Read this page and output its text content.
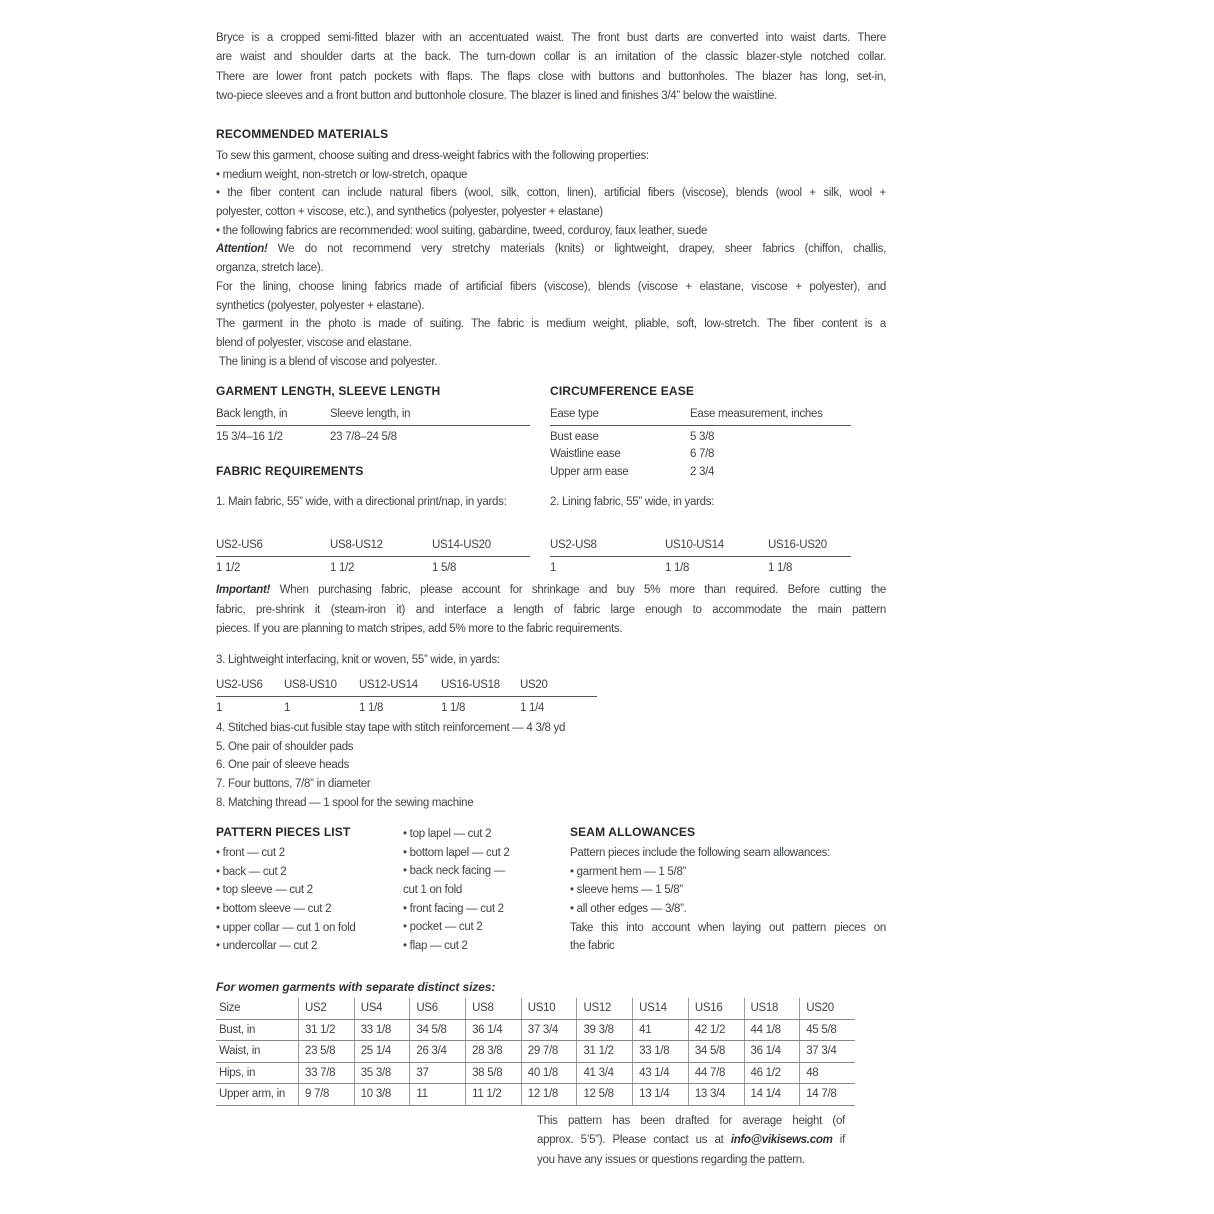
Bryce is a cropped semi-fitted blazer with an accentuated waist. The front bust darts are converted into waist darts. There
are waist and shoulder darts at the back. The turn-down collar is an imitation of the classic blazer-style notched collar.
There are lower front patch pockets with flaps. The flaps close with buttons and buttonholes. The blazer has long, set-in,
two-piece sleeves and a front button and buttonhole closure. The blazer is lined and finishes 3/4” below the waistline.
RECOMMENDED MATERIALS
To sew this garment, choose suiting and dress-weight fabrics with the following properties:
• medium weight, non-stretch or low-stretch, opaque
• the fiber content can include natural fibers (wool, silk, cotton, linen), artificial fibers (viscose), blends (wool + silk, wool +
polyester, cotton + viscose, etc.), and synthetics (polyester, polyester + elastane)
• the following fabrics are recommended: wool suiting, gabardine, tweed, corduroy, faux leather, suede
Attention! We do not recommend very stretchy materials (knits) or lightweight, drapey, sheer fabrics (chiffon, challis,
organza, stretch lace).
For the lining, choose lining fabrics made of artificial fibers (viscose), blends (viscose + elastane, viscose + polyester), and
synthetics (polyester, polyester + elastane).
The garment in the photo is made of suiting. The fabric is medium weight, pliable, soft, low-stretch. The fiber content is a
blend of polyester, viscose and elastane.
The lining is a blend of viscose and polyester.
GARMENT LENGTH, SLEEVE LENGTH
Back length, in	Sleeve length, in
15 3/4–16 1/2	23 7/8–24 5/8
CIRCUMFERENCE EASE
Ease type	Ease measurement, inches
Bust ease	5 3/8
Waistline ease	6 7/8
Upper arm ease	2 3/4
FABRIC REQUIREMENTS
1. Main fabric, 55” wide, with a directional print/nap, in yards:	2. Lining fabric, 55” wide, in yards:
US2-US6	US8-US12	US14-US20
1 1/2	1 1/2	1 5/8
US2-US8	US10-US14	US16-US20
1	1 1/8	1 1/8
Important! When purchasing fabric, please account for shrinkage and buy 5% more than required. Before cutting the
fabric, pre-shrink it (steam-iron it) and interface a length of fabric large enough to accommodate the main pattern
pieces. If you are planning to match stripes, add 5% more to the fabric requirements.
3. Lightweight interfacing, knit or woven, 55” wide, in yards:
US2-US6	US8-US10	US12-US14	US16-US18	US20
1	1	1 1/8	1 1/8	1 1/4
4. Stitched bias-cut fusible stay tape with stitch reinforcement — 4 3/8 yd
5. One pair of shoulder pads
6. One pair of sleeve heads
7. Four buttons, 7/8” in diameter
8. Matching thread — 1 spool for the sewing machine
PATTERN PIECES LIST
• front — cut 2
• back — cut 2
• top sleeve — cut 2
• bottom sleeve — cut 2
• upper collar — cut 1 on fold
• undercollar — cut 2
• top lapel — cut 2
• bottom lapel — cut 2
• back neck facing —
cut 1 on fold
• front facing — cut 2
• pocket — cut 2
• flap — cut 2
SEAM ALLOWANCES
Pattern pieces include the following seam allowances:
• garment hem — 1 5/8”
• sleeve hems — 1 5/8”
• all other edges — 3/8”.
Take this into account when laying out pattern pieces on
the fabric
For women garments with separate distinct sizes:
Size	US2	US4	US6	US8	US10	US12	US14	US16	US18	US20
Bust, in	31 1/2	33 1/8	34 5/8	36 1/4	37 3/4	39 3/8	41	42 1/2	44 1/8	45 5/8
Waist, in	23 5/8	25 1/4	26 3/4	28 3/8	29 7/8	31 1/2	33 1/8	34 5/8	36 1/4	37 3/4
Hips, in	33 7/8	35 3/8	37	38 5/8	40 1/8	41 3/4	43 1/4	44 7/8	46 1/2	48
Upper arm, in	9 7/8	10 3/8	11	11 1/2	12 1/8	12 5/8	13 1/4	13 3/4	14 1/4	14 7/8
This pattern has been drafted for average height (of
approx. 5’5”). Please contact us at info@vikisews.com if
you have any issues or questions regarding the pattern.
